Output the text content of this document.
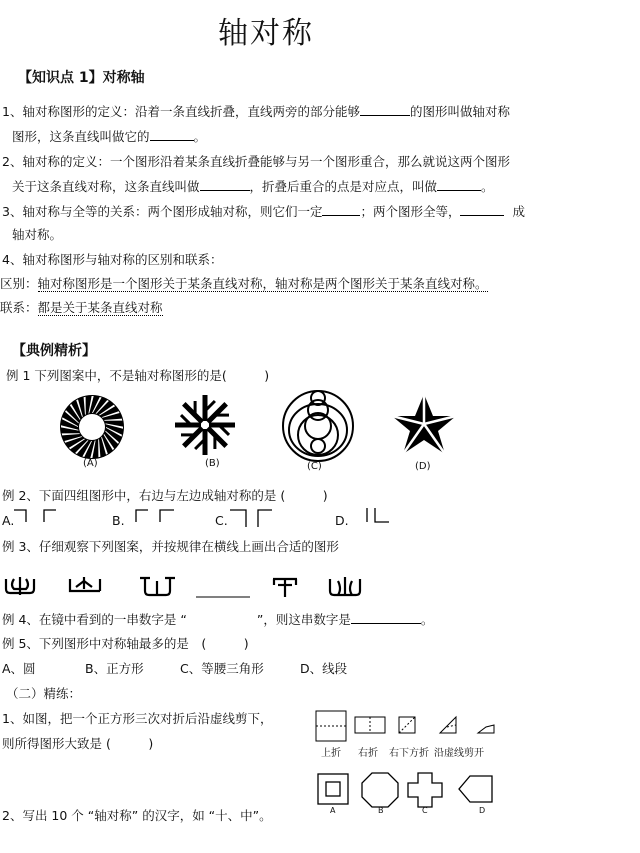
轴对称
【知识点 1】对称轴
1、轴对称图形的定义：沿着一条直线折叠，直线两旁的部分能够	的图形叫做轴对称
图形，这条直线叫做它的	。
2、轴对称的定义：一个图形沿着某条直线折叠能够与另一个图形重合，那么就说这两个图形
关于这条直线对称，这条直线叫做	，折叠后重合的点是对应点，叫做	。
3、轴对称与全等的关系：两个图形成轴对称，则它们一定	；两个图形全等，	成
轴对称。
4、轴对称图形与轴对称的区别和联系：
区别：轴对称图形是一个图形关于某条直线对称，轴对称是两个图形关于某条直线对称。
联系：都是关于某条直线对称
【典例精析】
例 1 下列图案中，不是轴对称图形的是(　　　)
(A)	(B)	(C)	(D)
例 2、下面四组图形中，右边与左边成轴对称的是 (　　　)
A.	B.	C.	D.
例 3、仔细观察下列图案，并按规律在横线上画出合适的图形
例 4、在镜中看到的一串数字是 “	”，则这串数字是	。
例 5、下列图形中对称轴最多的是　(　　　)
A、圆	B、正方形	C、等腰三角形	D、线段
（二）精练：
1、如图，把一个正方形三次对折后沿虚线剪下，
则所得图形大致是 (　　　)
上折 右折 右下方折 沿虚线剪开
A	B	C	D
2、写出 10 个 “轴对称” 的汉字，如 “十、中”。
